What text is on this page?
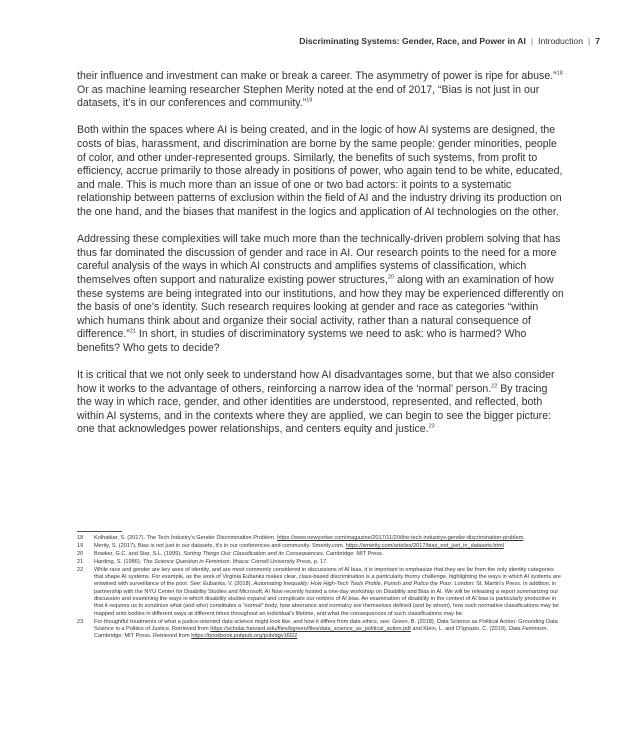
Discriminating Systems: Gender, Race, and Power in AI | Introduction | 7

their influence and investment can make or break a career. The asymmetry of power is ripe for abuse.”$^{18}$ Or as machine learning researcher Stephen Merity noted at the end of 2017, “Bias is not just in our datasets, it’s in our conferences and community.”$^{19}$

Both within the spaces where AI is being created, and in the logic of how AI systems are designed, the costs of bias, harassment, and discrimination are borne by the same people: gender minorities, people of color, and other under-represented groups. Similarly, the benefits of such systems, from profit to efficiency, accrue primarily to those already in positions of power, who again tend to be white, educated, and male. This is much more than an issue of one or two bad actors: it points to a systematic relationship between patterns of exclusion within the field of AI and the industry driving its production on the one hand, and the biases that manifest in the logics and application of AI technologies on the other.

Addressing these complexities will take much more than the technically-driven problem solving that has thus far dominated the discussion of gender and race in AI. Our research points to the need for a more careful analysis of the ways in which AI constructs and amplifies systems of classification, which themselves often support and naturalize existing power structures,$^{20}$ along with an examination of how these systems are being integrated into our institutions, and how they may be experienced differently on the basis of one’s identity. Such research requires looking at gender and race as categories “within which humans think about and organize their social activity, rather than a natural consequence of difference.”$^{21}$ In short, in studies of discriminatory systems we need to ask: who is harmed? Who benefits? Who gets to decide?

It is critical that we not only seek to understand how AI disadvantages some, but that we also consider how it works to the advantage of others, reinforcing a narrow idea of the ‘normal’ person.$^{22}$ By tracing the way in which race, gender, and other identities are understood, represented, and reflected, both within AI systems, and in the contexts where they are applied, we can begin to see the bigger picture: one that acknowledges power relationships, and centers equity and justice.$^{23}$

18	Kolhatkar, S. (2017). The Tech Industry’s Gender Discrimination Problem. https://www.newyorker.com/magazine/2017/11/20/the-tech-industrys-gender-discrimination-problem.
19	Merity, S. (2017). Bias is not just in our datasets, it’s in our conferences and community. Smerity.com. https://smerity.com/articles/2017/bias_not_just_in_datasets.html
20	Bowker, G.C. and Star, S.L. (1999). Sorting Things Out: Classification and its Consequences. Cambridge: MIT Press.
21	Harding, S. (1986). The Science Question in Feminism. Ithaca: Cornell University Press, p. 17.
22	While race and gender are key axes of identity, and are most commonly considered in discussions of AI bias, it is important to emphasize that they are far from the only identity categories that shape AI systems. For example, as the work of Virginia Eubanks makes clear, class-based discrimination is a particularly thorny challenge, highlighting the ways in which AI systems are entwined with surveillance of the poor. See: Eubanks, V. (2018). Automating Inequality: How High-Tech Tools Profile, Punish and Police the Poor. London: St. Martin’s Press. In addition, in partnership with the NYU Center for Disability Studies and Microsoft, AI Now recently hosted a one-day workshop on Disability and Bias in AI. We will be releasing a report summarizing our discussion and examining the ways in which disability studies expand and complicate our notions of AI bias. An examination of disability in the context of AI bias is particularly productive in that it requires us to scrutinize what (and who) constitutes a “normal” body, how aberrance and normalcy are themselves defined (and by whom), how such normative classifications may be mapped onto bodies in different ways at different times throughout an individual’s lifetime, and what the consequences of such classifications may be.
23	For thoughtful treatments of what a justice-oriented data science might look like, and how it differs from data ethics, see: Green, B. (2018). Data Science as Political Action: Grounding Data Science in a Politics of Justice, Retrieved from https://scholar.harvard.edu/files/bgreen/files/data_science_as_political_action.pdf and Klein, L. and D’Ignazio, C. (2019). Data Feminism. Cambridge: MIT Press. Retrieved from https://bookbook.pubpub.org/pub/dgv16l22.
